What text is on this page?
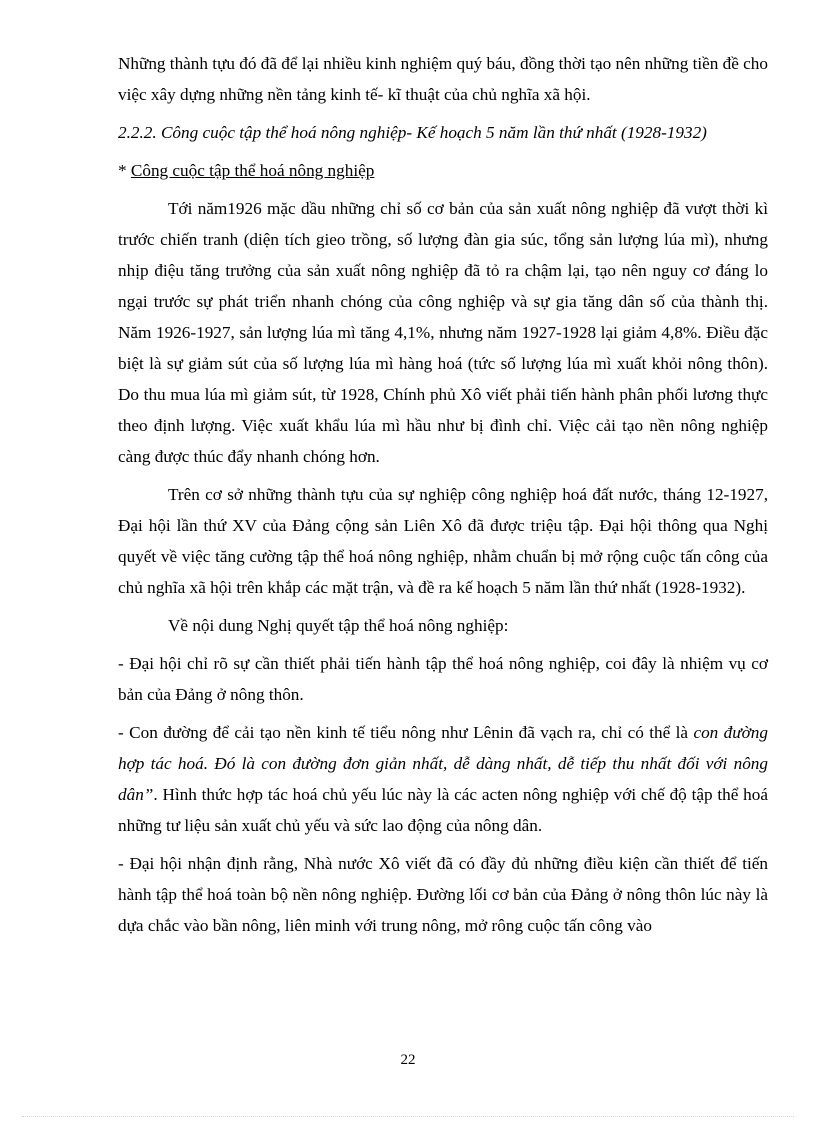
Những thành tựu đó đã để lại nhiều kinh nghiệm quý báu, đồng thời tạo nên những tiền đề cho việc xây dựng những nền tảng kinh tế- kĩ thuật của chủ nghĩa xã hội.

2.2.2. Công cuộc tập thể hoá nông nghiệp- Kế hoạch 5 năm lần thứ nhất (1928-1932)

* Công cuộc tập thể hoá nông nghiệp

Tới năm1926 mặc dầu những chỉ số cơ bản của sản xuất nông nghiệp đã vượt thời kì trước chiến tranh (diện tích gieo trồng, số lượng đàn gia súc, tổng sản lượng lúa mì), nhưng nhịp điệu tăng trưởng của sản xuất nông nghiệp đã tỏ ra chậm lại, tạo nên nguy cơ đáng lo ngại trước sự phát triển nhanh chóng của công nghiệp và sự gia tăng dân số của thành thị. Năm 1926-1927, sản lượng lúa mì tăng 4,1%, nhưng năm 1927-1928 lại giảm 4,8%. Điều đặc biệt là sự giảm sút của số lượng lúa mì hàng hoá (tức số lượng lúa mì xuất khỏi nông thôn). Do thu mua lúa mì giảm sút, từ 1928, Chính phủ Xô viết phải tiến hành phân phối lương thực theo định lượng. Việc xuất khẩu lúa mì hầu như bị đình chỉ. Việc cải tạo nền nông nghiệp càng được thúc đẩy nhanh chóng hơn.

Trên cơ sở những thành tựu của sự nghiệp công nghiệp hoá đất nước, tháng 12-1927, Đại hội lần thứ XV của Đảng cộng sản Liên Xô đã được triệu tập. Đại hội thông qua Nghị quyết về việc tăng cường tập thể hoá nông nghiệp, nhằm chuẩn bị mở rộng cuộc tấn công của chủ nghĩa xã hội trên khắp các mặt trận, và đề ra kế hoạch 5 năm lần thứ nhất (1928-1932).

Về nội dung Nghị quyết tập thể hoá nông nghiệp:

- Đại hội chỉ rõ sự cần thiết phải tiến hành tập thể hoá nông nghiệp, coi đây là nhiệm vụ cơ bản của Đảng ở nông thôn.

- Con đường để cải tạo nền kinh tế tiểu nông như Lênin đã vạch ra, chỉ có thể là con đường hợp tác hoá. Đó là con đường đơn giản nhất, dễ dàng nhất, dễ tiếp thu nhất đối với nông dân”. Hình thức hợp tác hoá chủ yếu lúc này là các acten nông nghiệp với chế độ tập thể hoá những tư liệu sản xuất chủ yếu và sức lao động của nông dân.

- Đại hội nhận định rằng, Nhà nước Xô viết đã có đầy đủ những điều kiện cần thiết để tiến hành tập thể hoá toàn bộ nền nông nghiệp. Đường lối cơ bản của Đảng ở nông thôn lúc này là dựa chắc vào bần nông, liên minh với trung nông, mở rông cuộc tấn công vào

22
